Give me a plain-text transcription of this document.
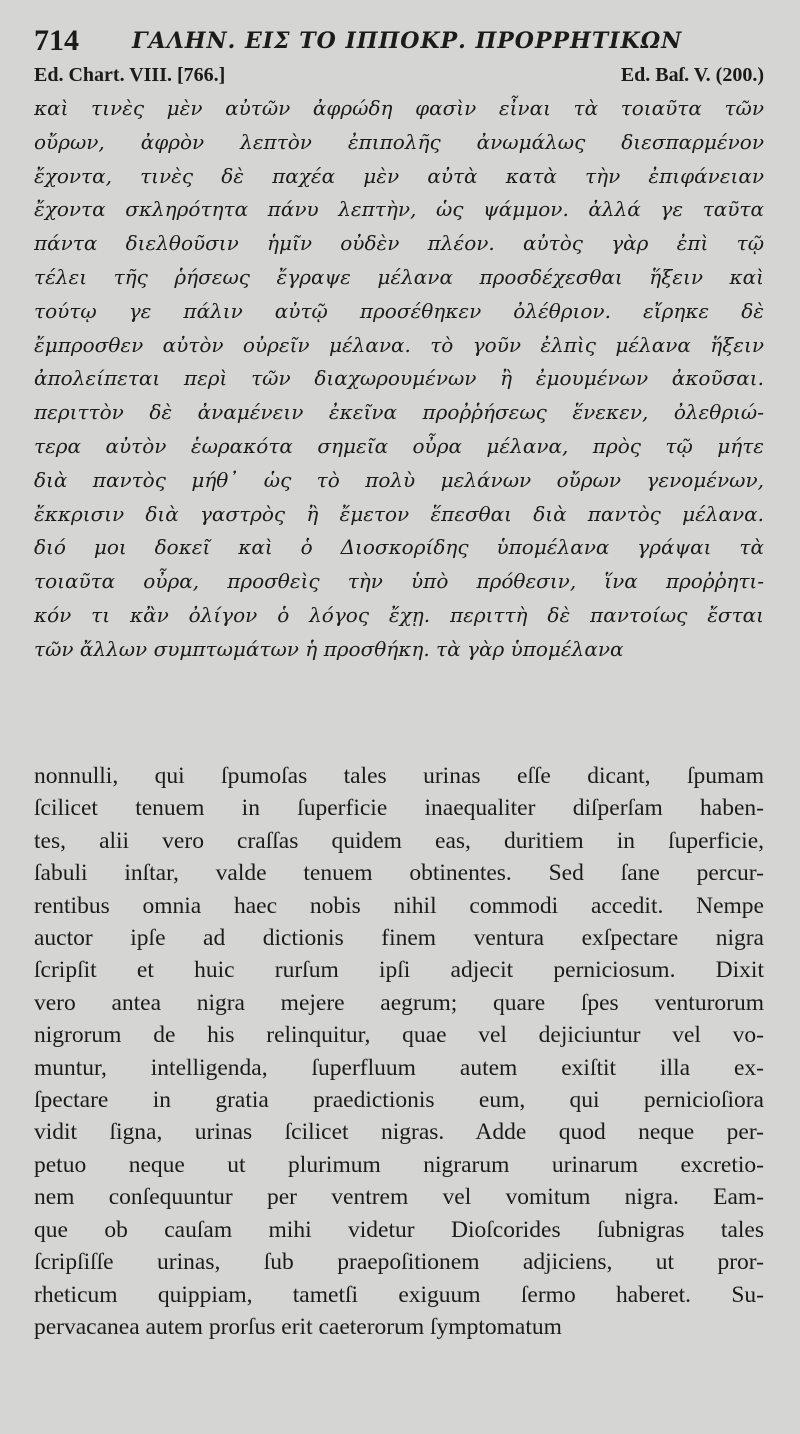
714 ΓΑΛΗΝ. ΕΙΣ ΤΟ ΙΠΠΟΚΡ. ΠΡΟΡΡΗΤΙΚΩΝ
Ed. Chart. VIII. [766.]	Ed. Baſ. V. (200.)
καὶ τινὲς μὲν αὐτῶν ἀφρώδη φασὶν εἶναι τὰ τοιαῦτα τῶν
οὔρων, ἀφρὸν λεπτὸν ἐπιπολῆς ἀνωμάλως διεσπαρμένον
ἔχοντα, τινὲς δὲ παχέα μὲν αὐτὰ κατὰ τὴν ἐπιφάνειαν
ἔχοντα σκληρότητα πάνυ λεπτὴν, ὡς ψάμμον. ἀλλά γε ταῦτα
πάντα διελθοῦσιν ἡμῖν οὐδὲν πλέον. αὐτὸς γὰρ ἐπὶ τῷ
τέλει τῆς ῥήσεως ἔγραψε μέλανα προσδέχεσθαι ἥξειν καὶ
τούτῳ γε πάλιν αὐτῷ προσέθηκεν ὀλέθριον. εἴρηκε δὲ
ἔμπροσθεν αὐτὸν οὐρεῖν μέλανα. τὸ γοῦν ἐλπὶς μέλανα ἥξειν
ἀπολείπεται περὶ τῶν διαχωρουμένων ἢ ἐμουμένων ἀκοῦσαι.
περιττὸν δὲ ἀναμένειν ἐκεῖνα προῤῥήσεως ἕνεκεν, ὀλεθριώ-
τερα αὐτὸν ἑωρακότα σημεῖα οὖρα μέλανα, πρὸς τῷ μήτε
διὰ παντὸς μήθ᾽ ὡς τὸ πολὺ μελάνων οὔρων γενομένων,
ἔκκρισιν διὰ γαστρὸς ἢ ἔμετον ἕπεσθαι διὰ παντὸς μέλανα.
διό μοι δοκεῖ καὶ ὁ Διοσκορίδης ὑπομέλανα γράψαι τὰ
τοιαῦτα οὖρα, προσθεὶς τὴν ὑπὸ πρόθεσιν, ἵνα προῤῥητι-
κόν τι κἂν ὀλίγον ὁ λόγος ἔχῃ. περιττὴ δὲ παντοίως ἔσται
τῶν ἄλλων συμπτωμάτων ἡ προσθήκη. τὰ γὰρ ὑπομέλανα
nonnulli, qui ſpumoſas tales urinas eſſe dicant, ſpumam
ſcilicet tenuem in ſuperficie inaequaliter diſperſam haben-
tes, alii vero craſſas quidem eas, duritiem in ſuperficie,
ſabuli inſtar, valde tenuem obtinentes. Sed ſane percur-
rentibus omnia haec nobis nihil commodi accedit. Nempe
auctor ipſe ad dictionis finem ventura exſpectare nigra
ſcripſit et huic rurſum ipſi adjecit perniciosum. Dixit
vero antea nigra mejere aegrum; quare ſpes venturorum
nigrorum de his relinquitur, quae vel dejiciuntur vel vo-
muntur, intelligenda, ſuperfluum autem exiſtit illa ex-
ſpectare in gratia praedictionis eum, qui pernicioſiora
vidit ſigna, urinas ſcilicet nigras. Adde quod neque per-
petuo neque ut plurimum nigrarum urinarum excretio-
nem conſequuntur per ventrem vel vomitum nigra. Eam-
que ob cauſam mihi videtur Dioſcorides ſubnigras tales
ſcripſiſſe urinas, ſub praepoſitionem adjiciens, ut pror-
rheticum quippiam, tametſi exiguum ſermo haberet. Su-
pervacanea autem prorſus erit caeterorum ſymptomatum
